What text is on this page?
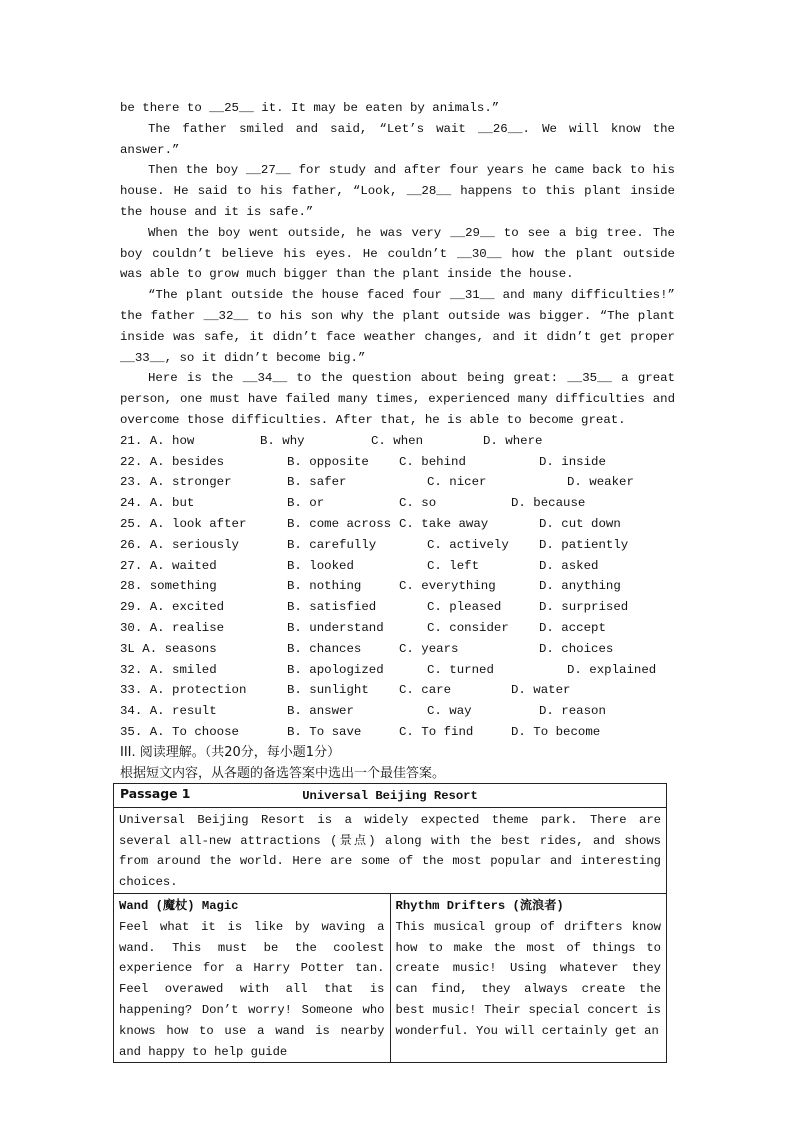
be there to __25__ it. It may be eaten by animals.”

The father smiled and said, “Let’s wait __26__. We will know the answer.”

Then the boy __27__ for study and after four years he came back to his house. He said to his father, “Look, __28__ happens to this plant inside the house and it is safe.”

When the boy went outside, he was very __29__ to see a big tree. The boy couldn’t believe his eyes. He couldn’t __30__ how the plant outside was able to grow much bigger than the plant inside the house.

“The plant outside the house faced four __31__ and many difficulties!” the father __32__ to his son why the plant outside was bigger. “The plant inside was safe, it didn’t face weather changes, and it didn’t get proper __33__, so it didn’t become big.”

Here is the __34__ to the question about being great: __35__ a great person, one must have failed many times, experienced many difficulties and overcome those difficulties. After that, he is able to become great.

21. A. how	B. why	C. when	D. where
22. A. besides	B. opposite C. behind	D. inside
23. A. stronger	B. safer	C. nicer	D. weaker
24. A. but	B. or	C. so	D. because
25. A. look after	B. come across C. take away	D. cut down
26. A. seriously	B. carefully	C. actively D. patiently
27. A. waited	B. looked	C. left	D. asked
28. something	B. nothing	C. everything	D. anything
29. A. excited	B. satisfied	C. pleased	D. surprised
30. A. realise	B. understand	C. consider D. accept
3L A. seasons	B. chances	C. years	D. choices
32. A. smiled	B. apologized	C. turned	D. explained
33. A. protection	B. sunlight C. care	D. water
34. A. result	B. answer	C. way	D. reason
35. A. To choose	B. To save	C. To find	D. To become

III. 阅读理解。（共20分，每小题1分）

根据短文内容，从各题的备选答案中选出一个最佳答案。

Passage 1	Universal Beijing Resort
Universal Beijing Resort is a widely expected theme park. There are several all-new attractions (景点) along with the best rides, and shows from around the world. Here are some of the most popular and interesting choices.

Wand (魔杖) Magic
Feel what it is like by waving a wand. This must be the coolest experience for a Harry Potter tan. Feel overawed with all that is happening? Don’t worry! Someone who knows how to use a wand is nearby and happy to help guide

Rhythm Drifters (流浪者)
This musical group of drifters know how to make the most of things to create music! Using whatever they can find, they always create the best music! Their special concert is wonderful. You will certainly get an
